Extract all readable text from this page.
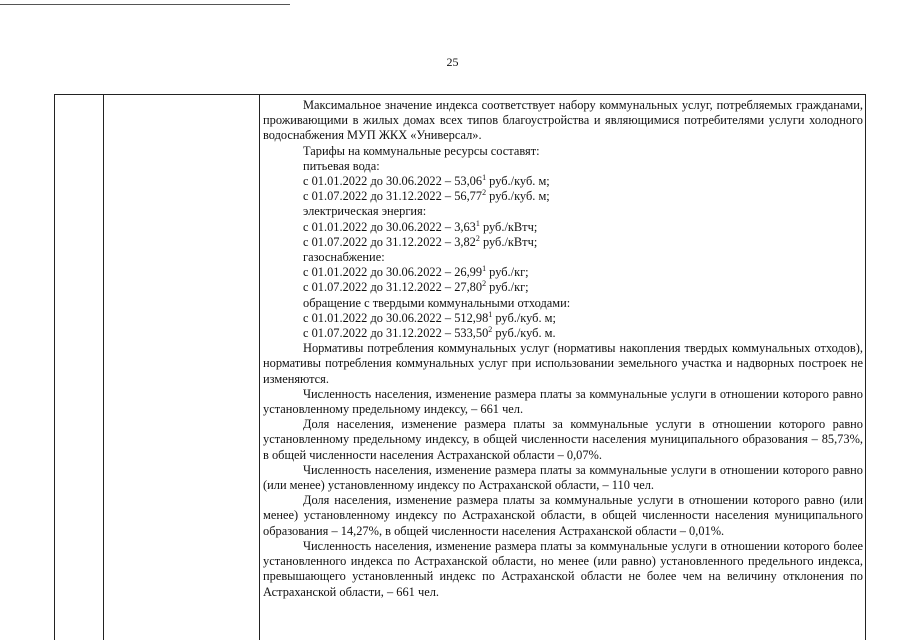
25

Максимальное значение индекса соответствует набору коммунальных услуг, потребляемых гражданами, проживающими в жилых домах всех типов благоустройства и являющимися потребителями услуги холодного водоснабжения МУП ЖКХ «Универсал».

Тарифы на коммунальные ресурсы составят:

питьевая вода:

с 01.01.2022 до 30.06.2022 – 53,06$^1$ руб./куб. м;

с 01.07.2022 до 31.12.2022 – 56,77$^2$ руб./куб. м;

электрическая энергия:

с 01.01.2022 до 30.06.2022 – 3,63$^1$ руб./кВтч;

с 01.07.2022 до 31.12.2022 – 3,82$^2$ руб./кВтч;

газоснабжение:

с 01.01.2022 до 30.06.2022 – 26,99$^1$ руб./кг;

с 01.07.2022 до 31.12.2022 – 27,80$^2$ руб./кг;

обращение с твердыми коммунальными отходами:

с 01.01.2022 до 30.06.2022 – 512,98$^1$ руб./куб. м;

с 01.07.2022 до 31.12.2022 – 533,50$^2$ руб./куб. м.

Нормативы потребления коммунальных услуг (нормативы накопления твердых коммунальных отходов), нормативы потребления коммунальных услуг при использовании земельного участка и надворных построек не изменяются.

Численность населения, изменение размера платы за коммунальные услуги в отношении которого равно установленному предельному индексу, – 661 чел.

Доля населения, изменение размера платы за коммунальные услуги в отношении которого равно установленному предельному индексу, в общей численности населения муниципального образования – 85,73%, в общей численности населения Астраханской области – 0,07%.

Численность населения, изменение размера платы за коммунальные услуги в отношении которого равно (или менее) установленному индексу по Астраханской области, – 110 чел.

Доля населения, изменение размера платы за коммунальные услуги в отношении которого равно (или менее) установленному индексу по Астраханской области, в общей численности населения муниципального образования – 14,27%, в общей численности населения Астраханской области – 0,01%.

Численность населения, изменение размера платы за коммунальные услуги в отношении которого более установленного индекса по Астраханской области, но менее (или равно) установленного предельного индекса, превышающего установленный индекс по Астраханской области не более чем на величину отклонения по Астраханской области, – 661 чел.
